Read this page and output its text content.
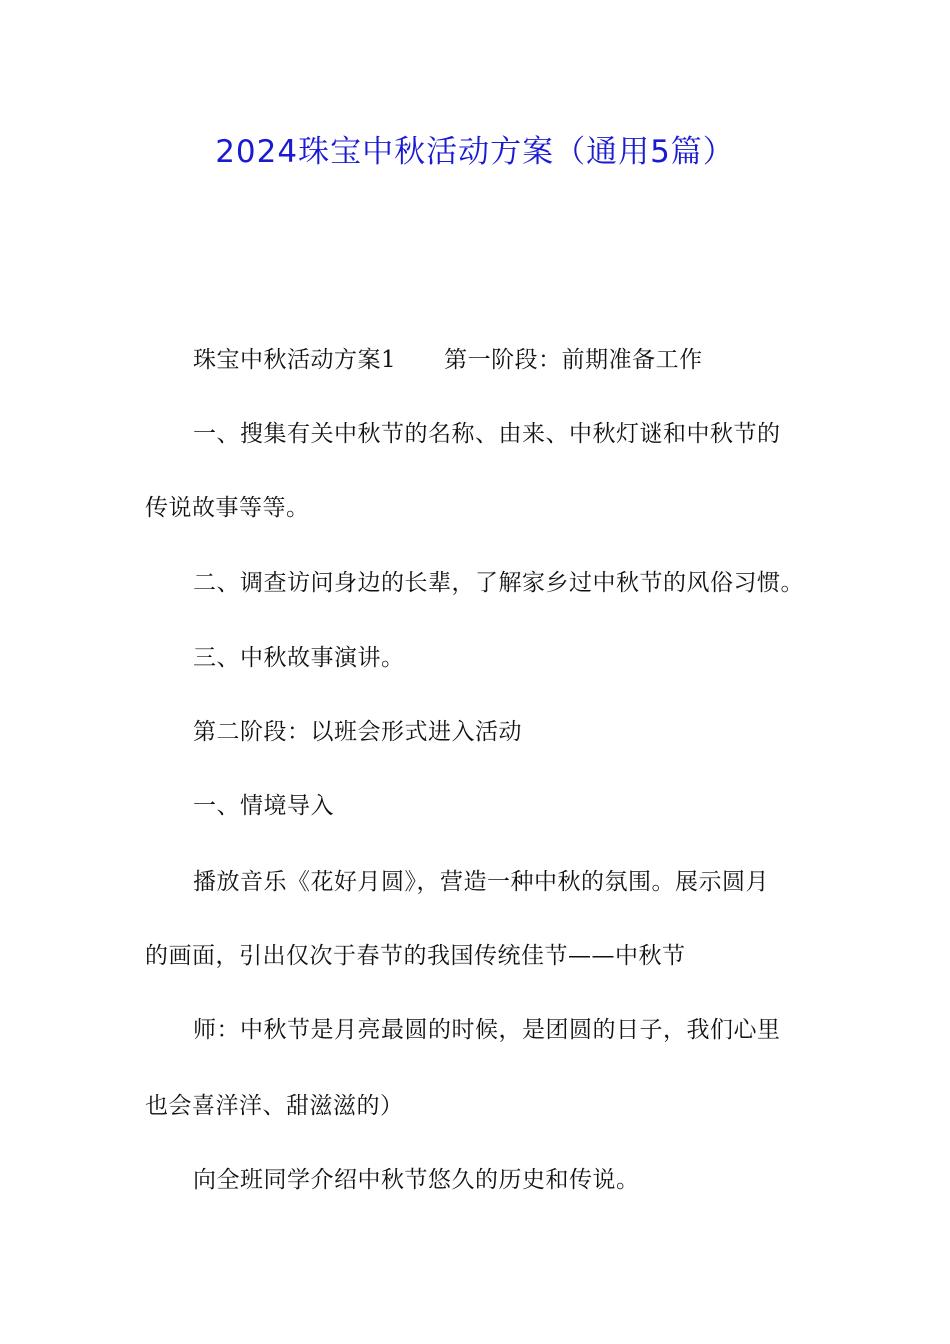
2024珠宝中秋活动方案（通用5篇）
珠宝中秋活动方案1 第一阶段：前期准备工作
一、搜集有关中秋节的名称、由来、中秋灯谜和中秋节的
传说故事等等。
二、调查访问身边的长辈，了解家乡过中秋节的风俗习惯。
三、中秋故事演讲。
第二阶段：以班会形式进入活动
一、情境导入
播放音乐《花好月圆》，营造一种中秋的氛围。展示圆月
的画面，引出仅次于春节的我国传统佳节——中秋节
师：中秋节是月亮最圆的时候，是团圆的日子，我们心里
也会喜洋洋、甜滋滋的）
向全班同学介绍中秋节悠久的历史和传说。
